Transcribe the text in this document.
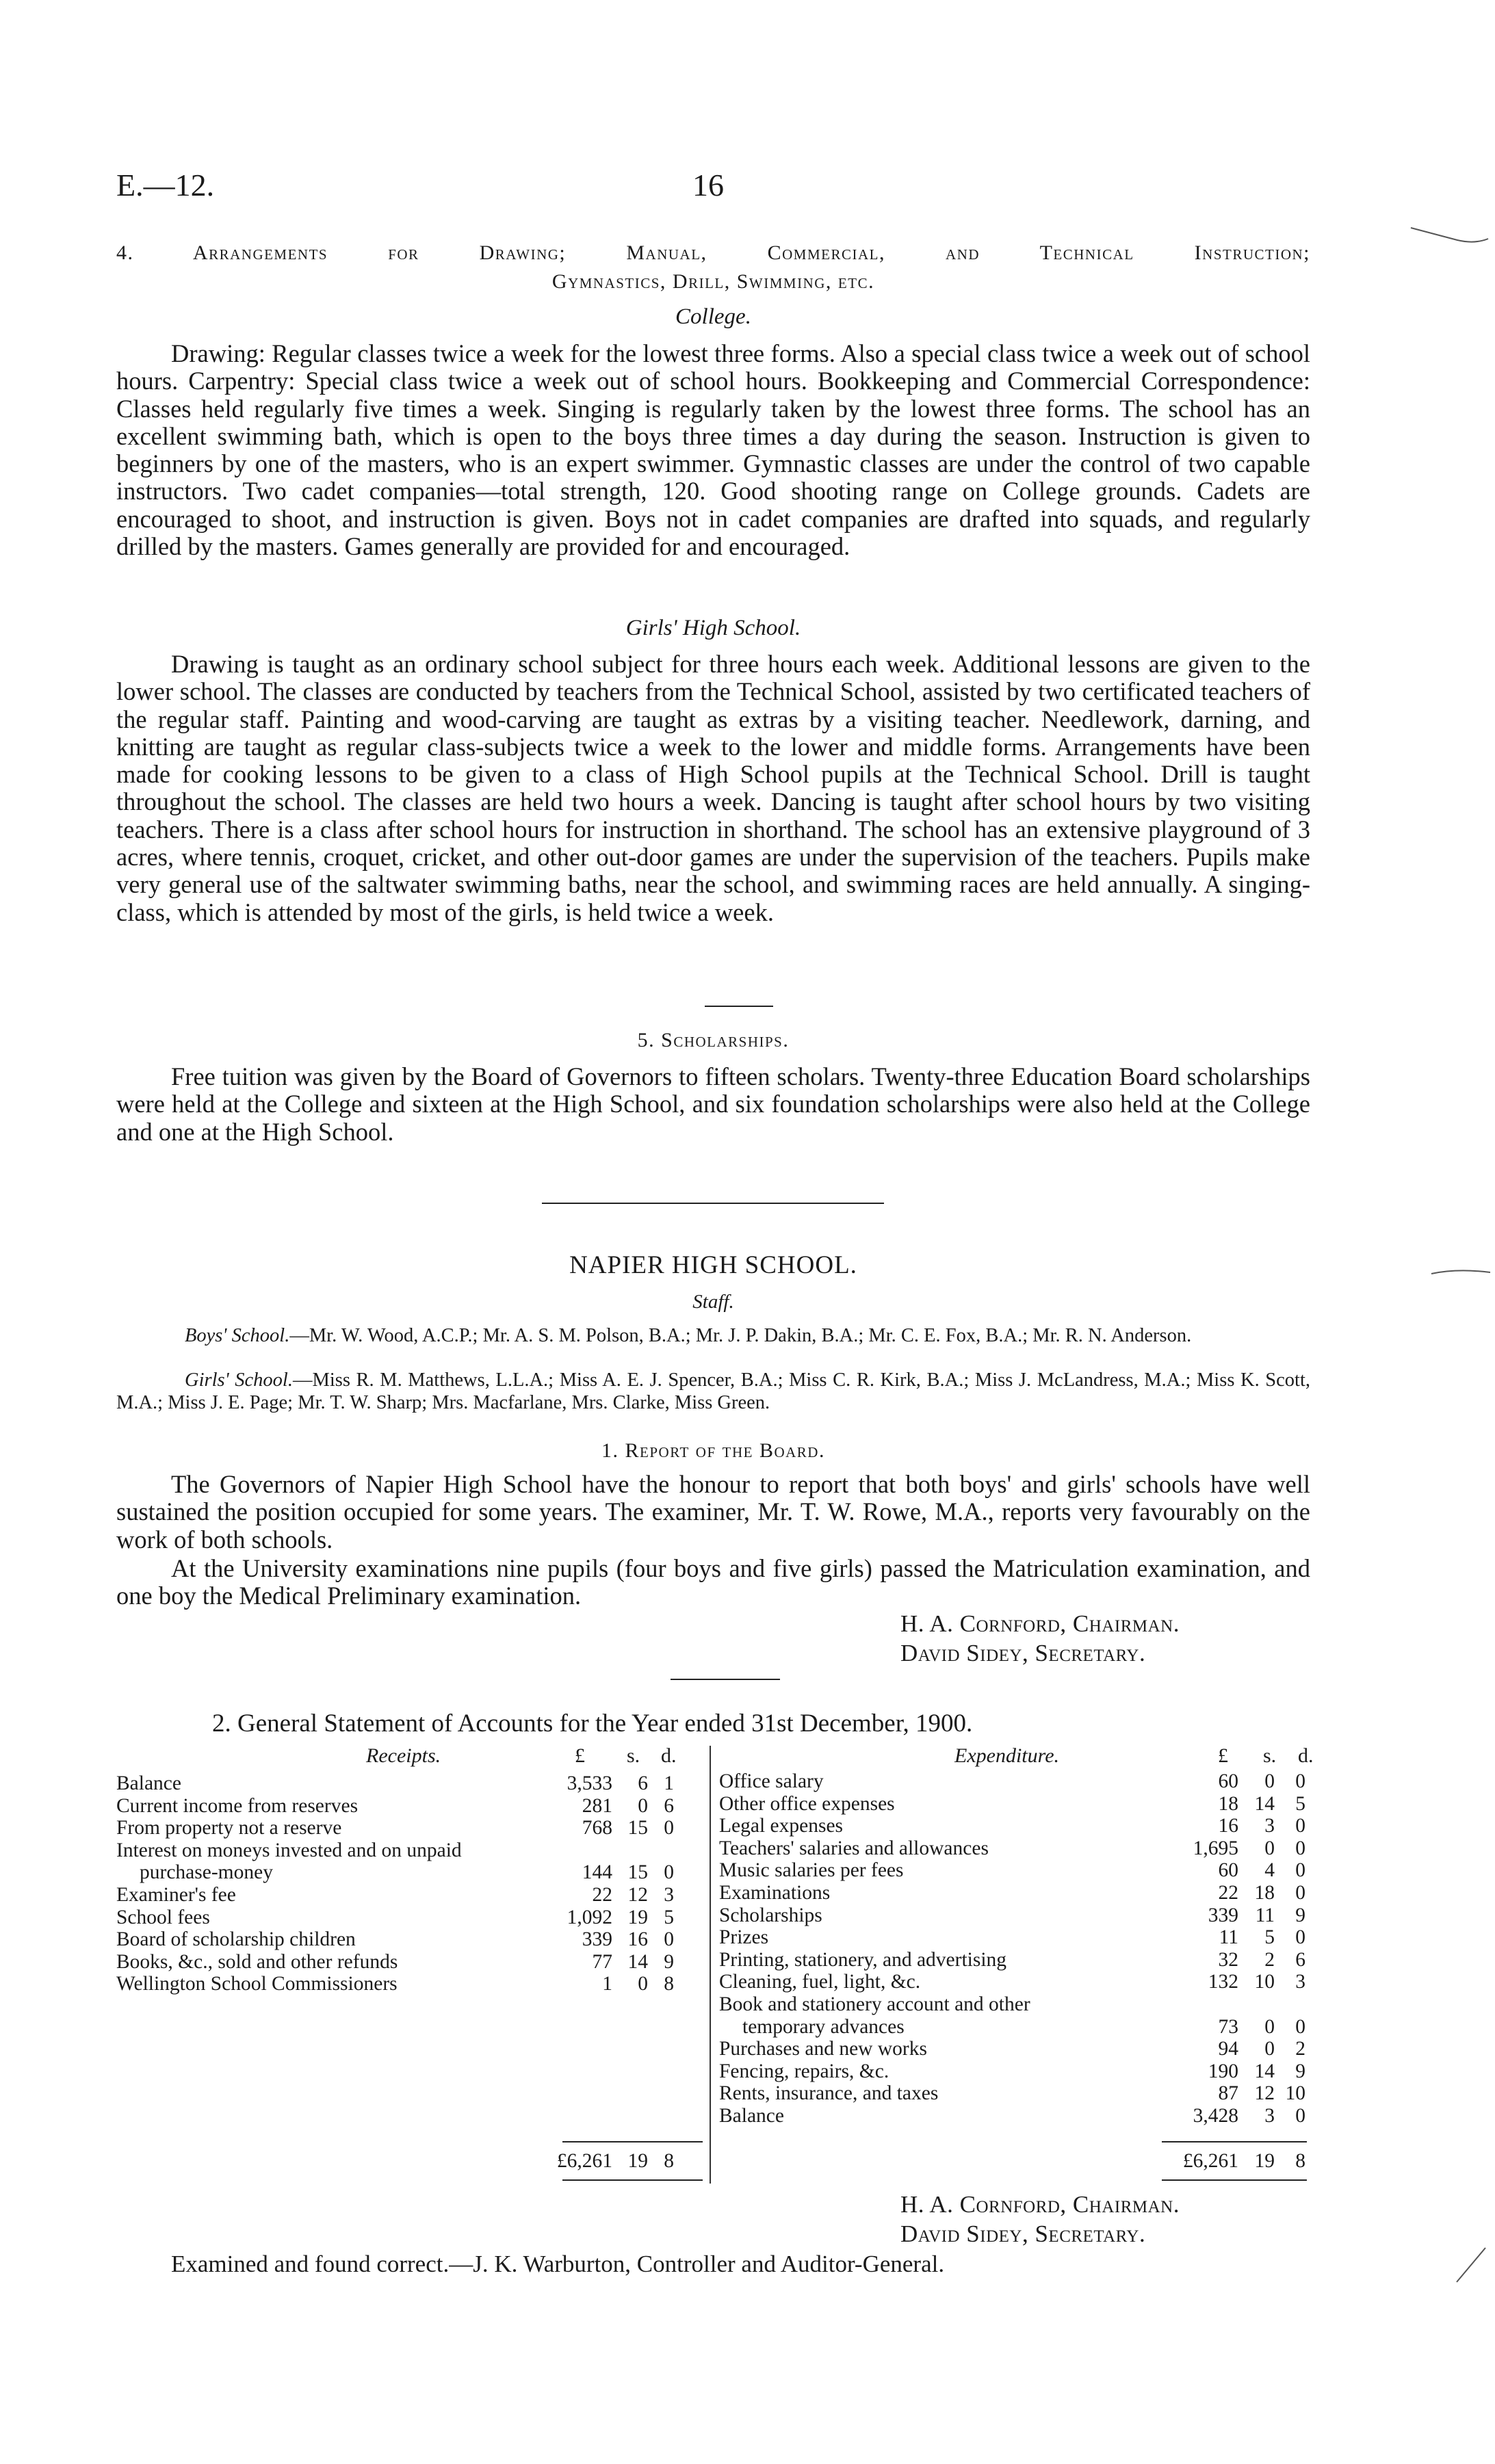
E.—12.	16
4. Arrangements for Drawing; Manual, Commercial, and Technical Instruction;
Gymnastics, Drill, Swimming, etc.
College.

Drawing: Regular classes twice a week for the lowest three forms. Also a special class twice a week out of school hours. Carpentry: Special class twice a week out of school hours. Bookkeeping and Commercial Correspondence: Classes held regularly five times a week. Singing is regularly taken by the lowest three forms. The school has an excellent swimming bath, which is open to the boys three times a day during the season. Instruction is given to beginners by one of the masters, who is an expert swimmer. Gymnastic classes are under the control of two capable instructors. Two cadet companies—total strength, 120. Good shooting range on College grounds. Cadets are encouraged to shoot, and instruction is given. Boys not in cadet companies are drafted into squads, and regularly drilled by the masters. Games generally are provided for and encouraged.

Girls' High School.

Drawing is taught as an ordinary school subject for three hours each week. Additional lessons are given to the lower school. The classes are conducted by teachers from the Technical School, assisted by two certificated teachers of the regular staff. Painting and wood-carving are taught as extras by a visiting teacher. Needlework, darning, and knitting are taught as regular class-subjects twice a week to the lower and middle forms. Arrangements have been made for cooking lessons to be given to a class of High School pupils at the Technical School. Drill is taught throughout the school. The classes are held two hours a week. Dancing is taught after school hours by two visiting teachers. There is a class after school hours for instruction in shorthand. The school has an extensive playground of 3 acres, where tennis, croquet, cricket, and other out-door games are under the supervision of the teachers. Pupils make very general use of the saltwater swimming baths, near the school, and swimming races are held annually. A singing-class, which is attended by most of the girls, is held twice a week.

5. Scholarships.

Free tuition was given by the Board of Governors to fifteen scholars. Twenty-three Education Board scholarships were held at the College and sixteen at the High School, and six foundation scholarships were also held at the College and one at the High School.

NAPIER HIGH SCHOOL.
Staff.

Boys' School.—Mr. W. Wood, A.C.P.; Mr. A. S. M. Polson, B.A.; Mr. J. P. Dakin, B.A.; Mr. C. E. Fox, B.A.; Mr. R. N. Anderson.

Girls' School.—Miss R. M. Matthews, L.L.A.; Miss A. E. J. Spencer, B.A.; Miss C. R. Kirk, B.A.; Miss J. McLandress, M.A.; Miss K. Scott, M.A.; Miss J. E. Page; Mr. T. W. Sharp; Mrs. Macfarlane, Mrs. Clarke, Miss Green.

1. Report of the Board.

The Governors of Napier High School have the honour to report that both boys' and girls' schools have well sustained the position occupied for some years. The examiner, Mr. T. W. Rowe, M.A., reports very favourably on the work of both schools.

At the University examinations nine pupils (four boys and five girls) passed the Matriculation examination, and one boy the Medical Preliminary examination.

H. A. Cornford, Chairman.
David Sidey, Secretary.
2. General Statement of Accounts for the Year ended 31st December, 1900.
Receipts.	£ s. d.	Expenditure.	£ s. d.
Balance	3,533	6 1
Current income from reserves	281	0 6
From property not a reserve	768 15 0
Interest on moneys invested and on unpaid
purchase-money	144 15 0
Examiner's fee	22 12 3
School fees	1,092 19 5
Board of scholarship children	339 16 0
Books, &c., sold and other refunds	77 14 9
Wellington School Commissioners	1	0 8
Office salary	60	0	0
Other office expenses	18 14	5
Legal expenses	16	3	0
Teachers' salaries and allowances	1,695	0	0
Music salaries per fees	60	4	0
Examinations	22 18	0
Scholarships	339 11	9
Prizes	11	5	0
Printing, stationery, and advertising	32	2	6
Cleaning, fuel, light, &c.	132 10	3
Book and stationery account and other
temporary advances	73	0	0
Purchases and new works	94	0	2
Fencing, repairs, &c.	190 14	9
Rents, insurance, and taxes	87 12 10
Balance	3,428	3	0
£6,261 19 8	£6,261 19	8
H. A. Cornford, Chairman.
David Sidey, Secretary.
Examined and found correct.—J. K. Warburton, Controller and Auditor-General.
